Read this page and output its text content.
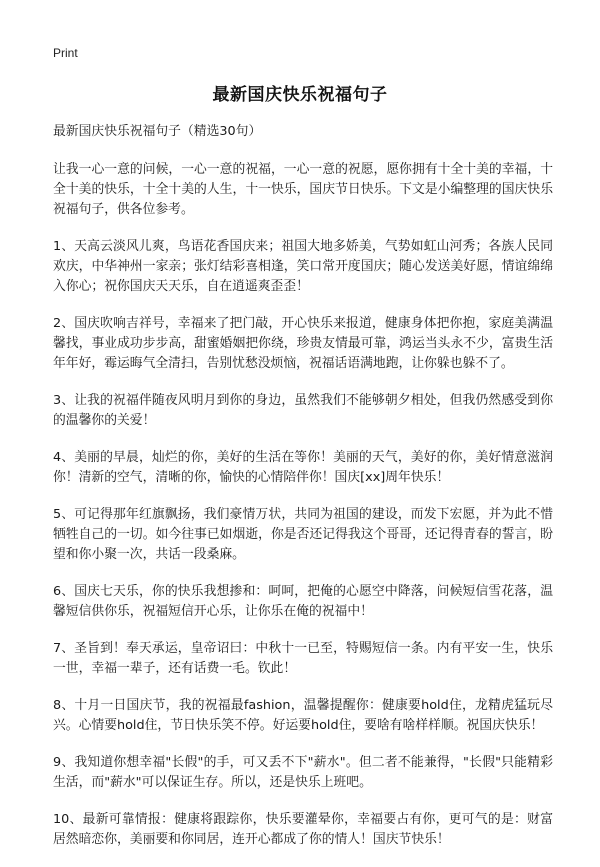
Print
最新国庆快乐祝福句子

最新国庆快乐祝福句子（精选30句）

让我一心一意的问候，一心一意的祝福，一心一意的祝愿，愿你拥有十全十美的幸福，十全十美的快乐，十全十美的人生，十一快乐，国庆节日快乐。下文是小编整理的国庆快乐祝福句子，供各位参考。

1、天高云淡风儿爽，鸟语花香国庆来；祖国大地多娇美，气势如虹山河秀；各族人民同欢庆，中华神州一家亲；张灯结彩喜相逢，笑口常开度国庆；随心发送美好愿，情谊绵绵入你心；祝你国庆天天乐，自在逍遥爽歪歪！

2、国庆吹响吉祥号，幸福来了把门敲，开心快乐来报道，健康身体把你抱，家庭美满温馨找，事业成功步步高，甜蜜婚姻把你绕，珍贵友情最可靠，鸿运当头永不少，富贵生活年年好，霉运晦气全清扫，告别忧愁没烦恼，祝福话语满地跑，让你躲也躲不了。

3、让我的祝福伴随夜风明月到你的身边，虽然我们不能够朝夕相处，但我仍然感受到你的温馨你的关爱！

4、美丽的早晨，灿烂的你，美好的生活在等你！美丽的天气，美好的你，美好情意滋润你！清新的空气，清晰的你，愉快的心情陪伴你！国庆[xx]周年快乐！

5、可记得那年红旗飘扬，我们豪情万状，共同为祖国的建设，而发下宏愿，并为此不惜牺牲自己的一切。如今往事已如烟逝，你是否还记得我这个哥哥，还记得青春的誓言，盼望和你小聚一次，共话一段桑麻。

6、国庆七天乐，你的快乐我想掺和：呵呵，把俺的心愿空中降落，问候短信雪花落，温馨短信供你乐，祝福短信开心乐，让你乐在俺的祝福中！

7、圣旨到！奉天承运，皇帝诏曰：中秋十一已至，特赐短信一条。内有平安一生，快乐一世，幸福一辈子，还有话费一毛。钦此！

8、十月一日国庆节，我的祝福最fashion，温馨提醒你：健康要hold住，龙精虎猛玩尽兴。心情要hold住，节日快乐笑不停。好运要hold住，要啥有啥样样顺。祝国庆快乐！

9、我知道你想幸福"长假"的手，可又丢不下"薪水"。但二者不能兼得，"长假"只能精彩生活，而"薪水"可以保证生存。所以，还是快乐上班吧。

10、最新可靠情报：健康将跟踪你，快乐要灌晕你，幸福要占有你，更可气的是：财富居然暗恋你，美丽要和你同居，连开心都成了你的情人！国庆节快乐！
